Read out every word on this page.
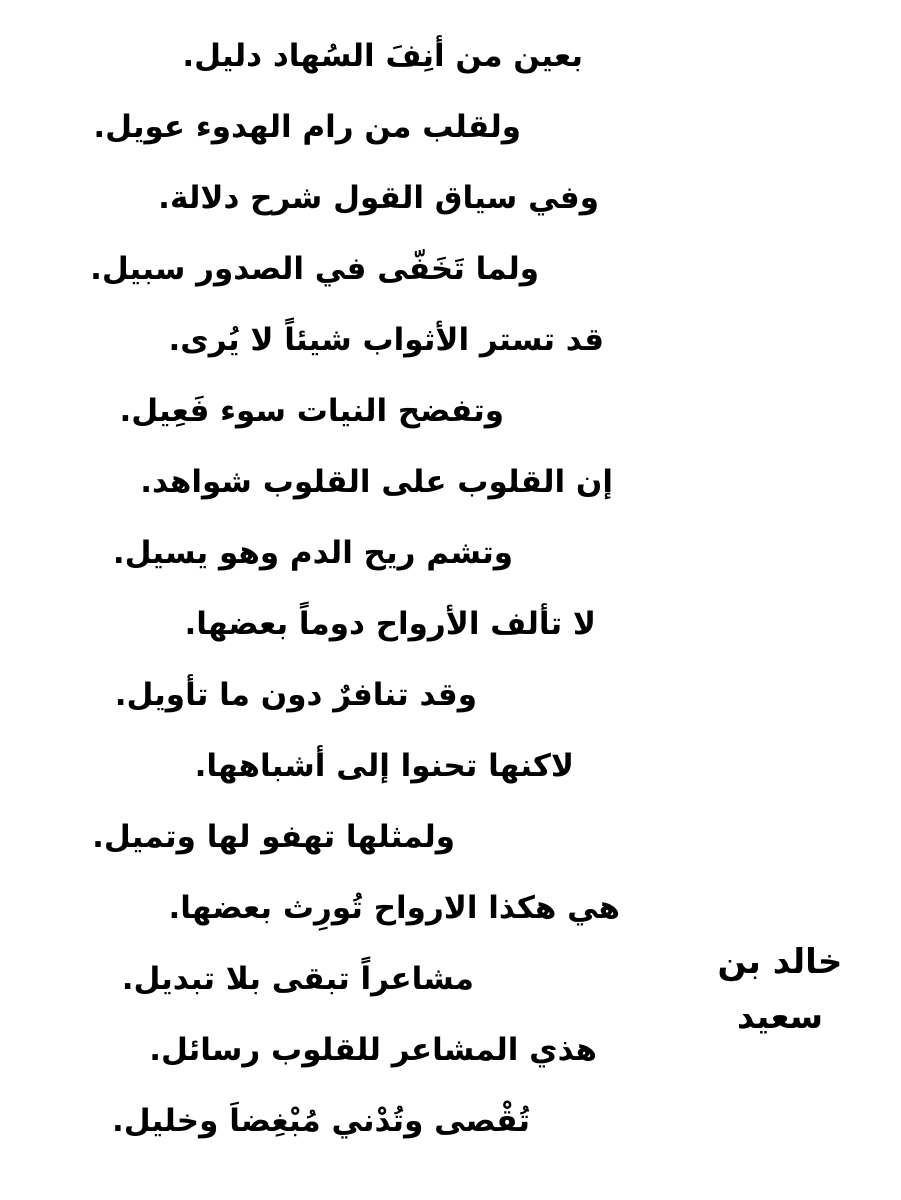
بعين من أنِفَ السُهاد دليل.
ولقلب من رام الهدوء عويل.
وفي سياق القول شرح دلالة.
ولما تَخَفّى في الصدور سبيل.
قد تستر الأثواب شيئاً لا يُرى.
وتفضح النيات سوء فَعِيل.
إن القلوب على القلوب شواهد.
وتشم ريح الدم وهو يسيل.
لا تألف الأرواح دوماً بعضها.
وقد تنافرٌ دون ما تأويل.
لاكنها تحنوا إلى أشباهها.
ولمثلها تهفو لها وتميل.
هي هكذا الارواح تُورِث بعضها.
مشاعراً تبقى بلا تبديل.
هذي المشاعر للقلوب رسائل.
تُقْصى وتُدْني مُبْغِضاَ وخليل.
خالد بن
سعيد
